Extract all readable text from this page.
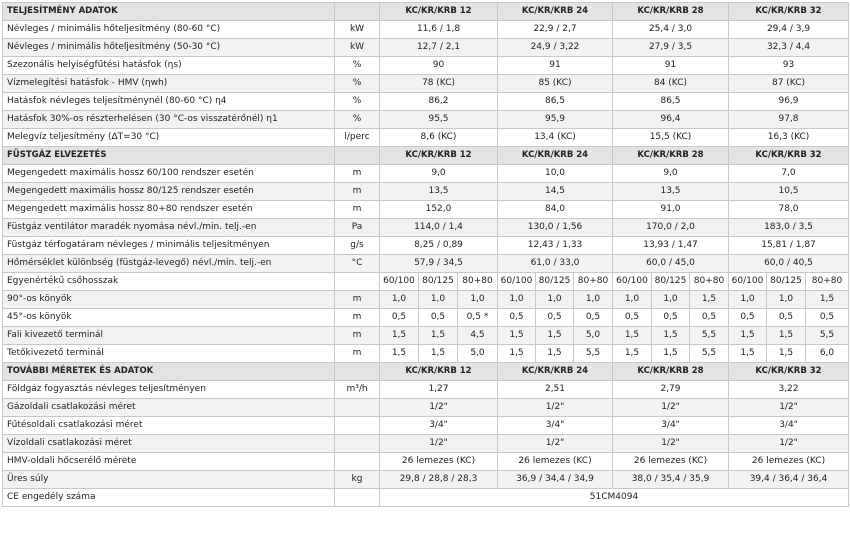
TELJESÍTMÉNY ADATOK		KC/KR/KRB 12			KC/KR/KRB 24			KC/KR/KRB 28			KC/KR/KRB 32		
Névleges / minimális hőteljesítmény (80-60 °C)	kW	11,6 / 1,8			22,9 / 2,7			25,4 / 3,0			29,4 / 3,9		
Névleges / minimális hőteljesítmény (50-30 °C)	kW	12,7 / 2,1			24,9 / 3,22			27,9 / 3,5			32,3 / 4,4		
Szezonális helyiségfűtési hatásfok (ηs)	%	90			91			91			93		
Vízmelegítési hatásfok - HMV (ηwh)	%	78 (KC)			85 (KC)			84 (KC)			87 (KC)		
Hatásfok névleges teljesítménynél (80-60 °C) η4	%	86,2			86,5			86,5			96,9		
Hatásfok 30%-os részterhelésen (30 °C-os visszatérőnél) η1	%	95,5			95,9			96,4			97,8		
Melegvíz teljesítmény (ΔT=30 °C)	l/perc	8,6 (KC)			13,4 (KC)			15,5 (KC)			16,3 (KC)		
FÜSTGÁZ ELVEZETÉS		KC/KR/KRB 12			KC/KR/KRB 24			KC/KR/KRB 28			KC/KR/KRB 32		
Megengedett maximális hossz 60/100 rendszer esetén	m	9,0			10,0			9,0			7,0		
Megengedett maximális hossz 80/125 rendszer esetén	m	13,5			14,5			13,5			10,5		
Megengedett maximális hossz 80+80 rendszer esetén	m	152,0			84,0			91,0			78,0		
Füstgáz ventilátor maradék nyomása névl./min. telj.-en	Pa	114,0 / 1,4			130,0 / 1,56			170,0 / 2,0			183,0 / 3,5		
Füstgáz térfogatáram névleges / minimális teljesítményen	g/s	8,25 / 0,89			12,43 / 1,33			13,93 / 1,47			15,81 / 1,87		
Hőmérséklet különbség (füstgáz-levegő) névl./min. telj.-en	°C	57,9 / 34,5			61,0 / 33,0			60,0 / 45,0			60,0 / 40,5		
Egyenértékű csőhosszak		60/100	80/125	80+80	60/100	80/125	80+80	60/100	80/125	80+80	60/100	80/125	80+80
90°-os könyök	m	1,0	1,0	1,0	1,0	1,0	1,0	1,0	1,0	1,5	1,0	1,0	1,5
45°-os könyök	m	0,5	0,5	0,5 *	0,5	0,5	0,5	0,5	0,5	0,5	0,5	0,5	0,5
Fali kivezető terminál	m	1,5	1,5	4,5	1,5	1,5	5,0	1,5	1,5	5,5	1,5	1,5	5,5
Tetőkivezető terminál	m	1,5	1,5	5,0	1,5	1,5	5,5	1,5	1,5	5,5	1,5	1,5	6,0
TOVÁBBI MÉRETEK ÉS ADATOK		KC/KR/KRB 12			KC/KR/KRB 24			KC/KR/KRB 28			KC/KR/KRB 32		
Földgáz fogyasztás névleges teljesítményen	m³/h	1,27			2,51			2,79			3,22		
Gázoldali csatlakozási méret		1/2"			1/2"			1/2"			1/2"		
Fűtésoldali csatlakozási méret		3/4"			3/4"			3/4"			3/4"		
Vízoldali csatlakozási méret		1/2"			1/2"			1/2"			1/2"		
HMV-oldali hőcserélő mérete		26 lemezes (KC)			26 lemezes (KC)			26 lemezes (KC)			26 lemezes (KC)		
Üres súly	kg	29,8 / 28,8 / 28,3			36,9 / 34,4 / 34,9			38,0 / 35,4 / 35,9			39,4 / 36,4 / 36,4		
CE engedély száma		51CM4094											
